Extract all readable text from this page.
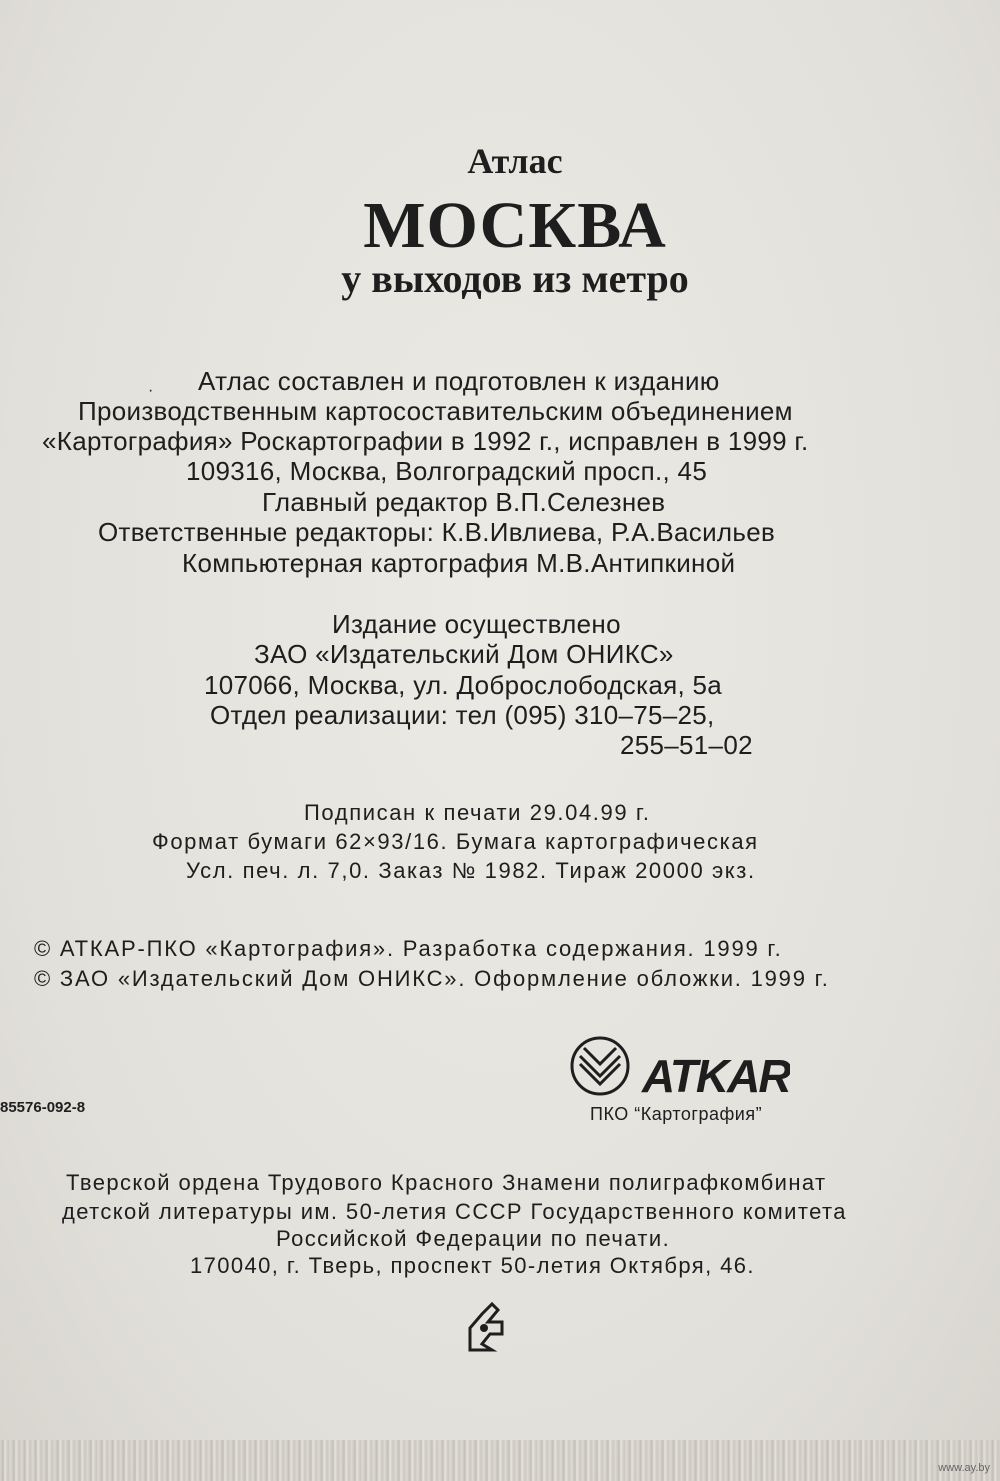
Атлас
МОСКВА
у выходов из метро
· Атлас составлен и подготовлен к изданию
Производственным картосоставительским объединением
«Картография» Роскартографии в 1992 г., исправлен в 1999 г.
109316, Москва, Волгоградский просп., 45
Главный редактор В.П.Селезнев
Ответственные редакторы: К.В.Ивлиева, Р.А.Васильев
Компьютерная картография М.В.Антипкиной
Издание осуществлено
ЗАО «Издательский Дом ОНИКС»
107066, Москва, ул. Доброслободская, 5а
Отдел реализации: тел (095) 310–75–25,
255–51–02
Подписан к печати 29.04.99 г.
Формат бумаги 62×93/16. Бумага картографическая
Усл. печ. л. 7,0. Заказ № 1982. Тираж 20000 экз.
© АТКАР-ПКО «Картография». Разработка содержания. 1999 г.
© ЗАО «Издательский Дом ОНИКС». Оформление обложки. 1999 г.
85576-092-8
ATKAR
ПКО “Картография”
Тверской ордена Трудового Красного Знамени полиграфкомбинат
детской литературы им. 50-летия СССР Государственного комитета
Российской Федерации по печати.
170040, г. Тверь, проспект 50-летия Октября, 46.
www.ay.by
